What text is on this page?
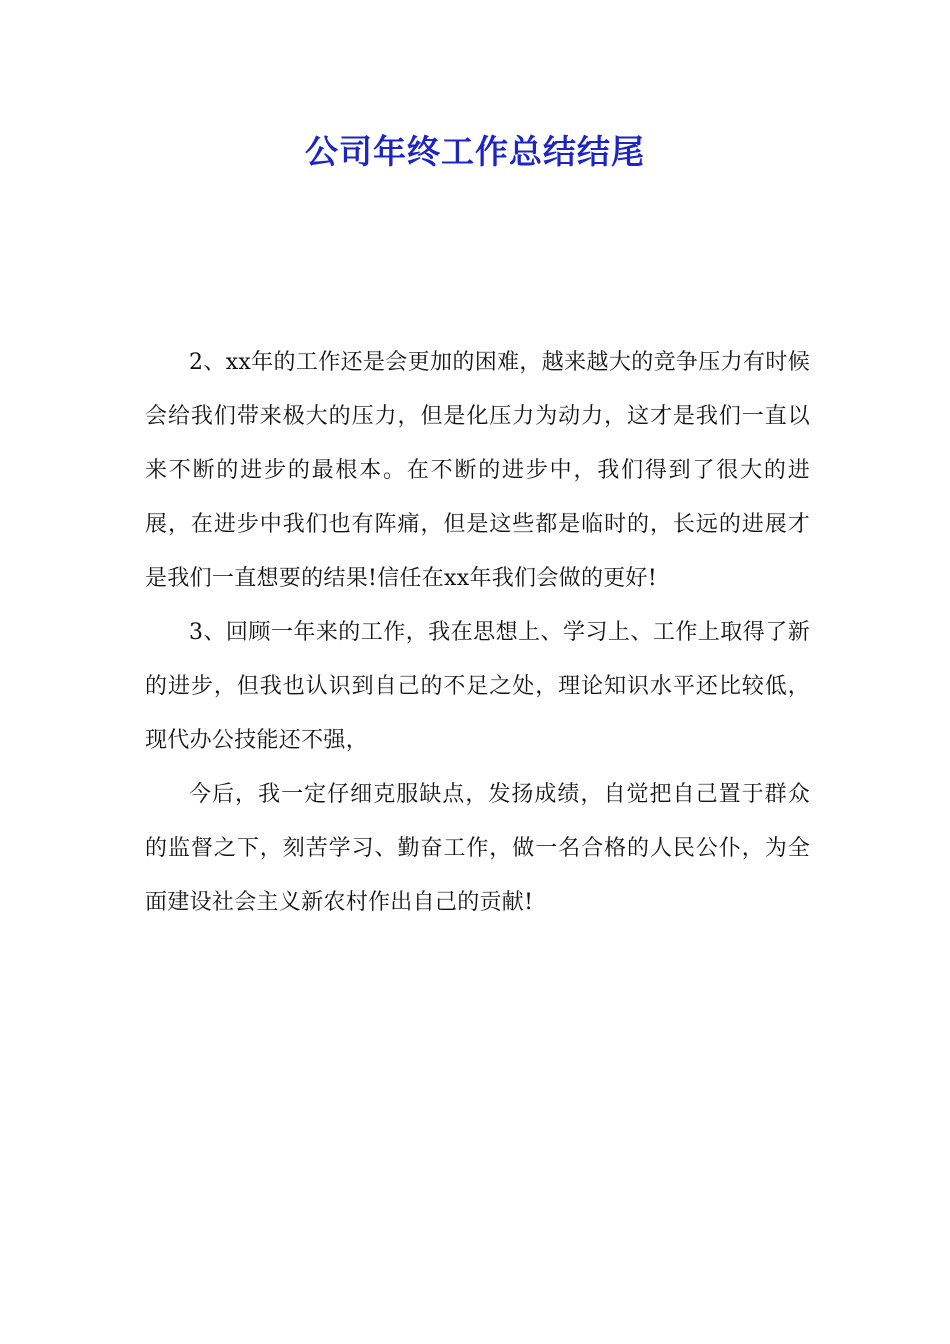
公司年终工作总结结尾

2、xx年的工作还是会更加的困难，越来越大的竞争压力有时候会给我们带来极大的压力，但是化压力为动力，这才是我们一直以来不断的进步的最根本。在不断的进步中，我们得到了很大的进展，在进步中我们也有阵痛，但是这些都是临时的，长远的进展才是我们一直想要的结果!信任在xx年我们会做的更好!

3、回顾一年来的工作，我在思想上、学习上、工作上取得了新的进步，但我也认识到自己的不足之处，理论知识水平还比较低，现代办公技能还不强，

今后，我一定仔细克服缺点，发扬成绩，自觉把自己置于群众的监督之下，刻苦学习、勤奋工作，做一名合格的人民公仆，为全面建设社会主义新农村作出自己的贡献!
